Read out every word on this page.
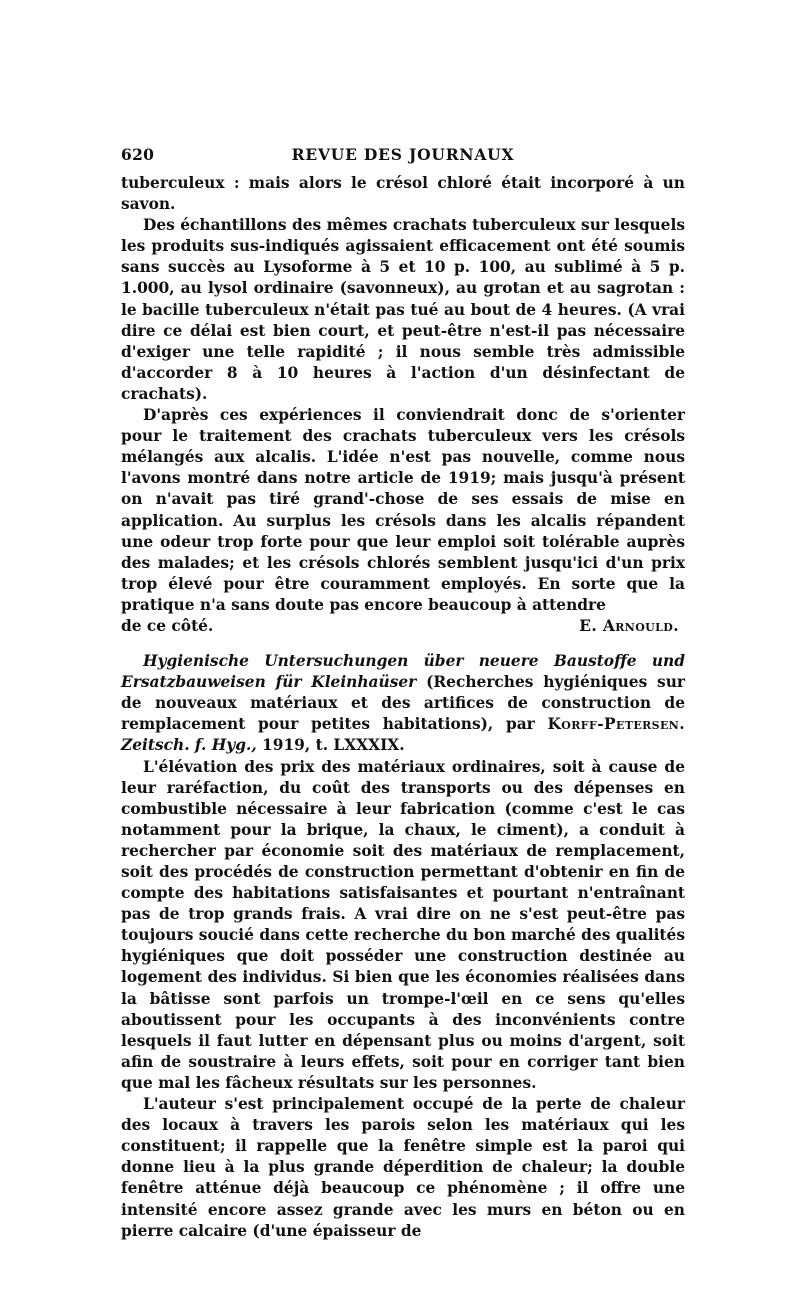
620	REVUE DES JOURNAUX

tuberculeux : mais alors le crésol chloré était incorporé à un savon.

Des échantillons des mêmes crachats tuberculeux sur lesquels les produits sus-indiqués agissaient efficacement ont été soumis sans succès au Lysoforme à 5 et 10 p. 100, au sublimé à 5 p. 1.000, au lysol ordinaire (savonneux), au grotan et au sagrotan : le bacille tuberculeux n'était pas tué au bout de 4 heures. (A vrai dire ce délai est bien court, et peut-être n'est-il pas nécessaire d'exiger une telle rapidité ; il nous semble très admissible d'accorder 8 à 10 heures à l'action d'un désinfectant de crachats).

D'après ces expériences il conviendrait donc de s'orienter pour le traitement des crachats tuberculeux vers les crésols mélangés aux alcalis. L'idée n'est pas nouvelle, comme nous l'avons montré dans notre article de 1919; mais jusqu'à présent on n'avait pas tiré grand'-chose de ses essais de mise en application. Au surplus les crésols dans les alcalis répandent une odeur trop forte pour que leur emploi soit tolérable auprès des malades; et les crésols chlorés semblent jusqu'ici d'un prix trop élevé pour être couramment employés. En sorte que la pratique n'a sans doute pas encore beaucoup à attendre

de ce côté.	E. Arnould.

Hygienische Untersuchungen über neuere Baustoffe und Ersatzbauweisen für Kleinhaüser (Recherches hygiéniques sur de nouveaux matériaux et des artifices de construction de remplacement pour petites habitations), par Korff-Petersen. Zeitsch. f. Hyg., 1919, t. LXXXIX.

L'élévation des prix des matériaux ordinaires, soit à cause de leur raréfaction, du coût des transports ou des dépenses en combustible nécessaire à leur fabrication (comme c'est le cas notamment pour la brique, la chaux, le ciment), a conduit à rechercher par économie soit des matériaux de remplacement, soit des procédés de construction permettant d'obtenir en fin de compte des habitations satisfaisantes et pourtant n'entraînant pas de trop grands frais. A vrai dire on ne s'est peut-être pas toujours soucié dans cette recherche du bon marché des qualités hygiéniques que doit posséder une construction destinée au logement des individus. Si bien que les économies réalisées dans la bâtisse sont parfois un trompe-l'œil en ce sens qu'elles aboutissent pour les occupants à des inconvénients contre lesquels il faut lutter en dépensant plus ou moins d'argent, soit afin de soustraire à leurs effets, soit pour en corriger tant bien que mal les fâcheux résultats sur les personnes.

L'auteur s'est principalement occupé de la perte de chaleur des locaux à travers les parois selon les matériaux qui les constituent; il rappelle que la fenêtre simple est la paroi qui donne lieu à la plus grande déperdition de chaleur; la double fenêtre atténue déjà beaucoup ce phénomène ; il offre une intensité encore assez grande avec les murs en béton ou en pierre calcaire (d'une épaisseur de
